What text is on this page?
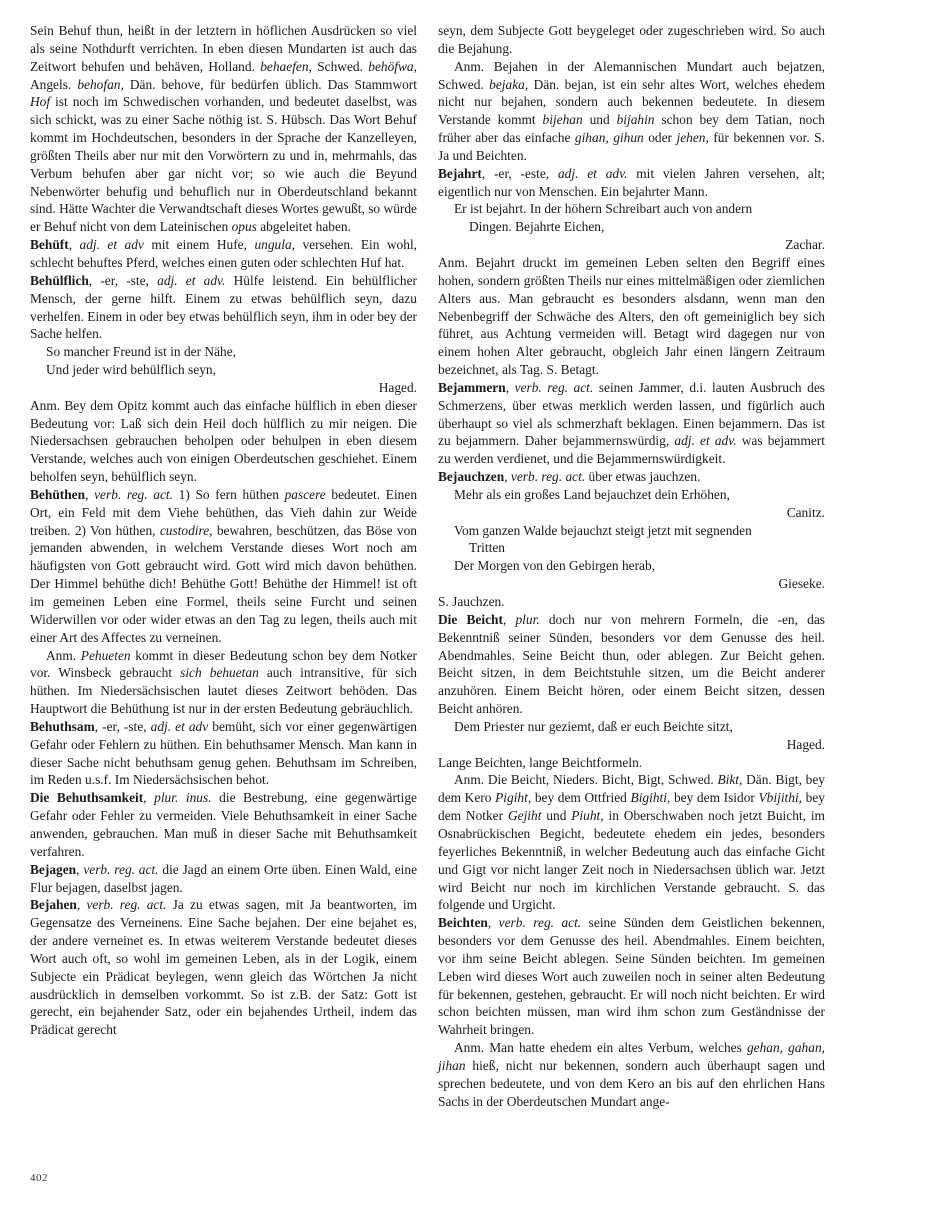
Sein Behuf thun, heißt in der letztern in höflichen Ausdrücken so viel als seine Nothdurft verrichten. In eben diesen Mundarten ist auch das Zeitwort behufen und behäven, Holland. behaefen, Schwed. behöfwa, Angels. behofan, Dän. behove, für bedürfen üblich. Das Stammwort Hof ist noch im Schwedischen vorhanden, und bedeutet daselbst, was sich schickt, was zu einer Sache nöthig ist. S. Hübsch. Das Wort Behuf kommt im Hochdeutschen, besonders in der Sprache der Kanzelleyen, größten Theils aber nur mit den Vorwörtern zu und in, mehrmahls, das Verbum behufen aber gar nicht vor; so wie auch die Beyund Nebenwörter behufig und behuflich nur in Oberdeutschland bekannt sind. Hätte Wachter die Verwandtschaft dieses Wortes gewußt, so würde er Behuf nicht von dem Lateinischen opus abgeleitet haben.

Behüft, adj. et adv mit einem Hufe, ungula, versehen. Ein wohl, schlecht behuftes Pferd, welches einen guten oder schlechten Huf hat.

Behülflich, -er, -ste, adj. et adv. Hülfe leistend. Ein behülflicher Mensch, der gerne hilft. Einem zu etwas behülflich seyn, dazu verhelfen. Einem in oder bey etwas behülflich seyn, ihm in oder bey der Sache helfen.

So mancher Freund ist in der Nähe,
Und jeder wird behülflich seyn,
Haged.

Anm. Bey dem Opitz kommt auch das einfache hülflich in eben dieser Bedeutung vor: Laß sich dein Heil doch hülflich zu mir neigen. Die Niedersachsen gebrauchen beholpen oder behulpen in eben diesem Verstande, welches auch von einigen Oberdeutschen geschiehet. Einem beholfen seyn, behülflich seyn.

Behüthen, verb. reg. act. 1) So fern hüthen pascere bedeutet. Einen Ort, ein Feld mit dem Viehe behüthen, das Vieh dahin zur Weide treiben. 2) Von hüthen, custodire, bewahren, beschützen, das Böse von jemanden abwenden, in welchem Verstande dieses Wort noch am häufigsten von Gott gebraucht wird. Gott wird mich davon behüthen. Der Himmel behüthe dich! Behüthe Gott! Behüthe der Himmel! ist oft im gemeinen Leben eine Formel, theils seine Furcht und seinen Widerwillen vor oder wider etwas an den Tag zu legen, theils auch mit einer Art des Affectes zu verneinen.

Anm. Pehueten kommt in dieser Bedeutung schon bey dem Notker vor. Winsbeck gebraucht sich behuetan auch intransitive, für sich hüthen. Im Niedersächsischen lautet dieses Zeitwort behöden. Das Hauptwort die Behüthung ist nur in der ersten Bedeutung gebräuchlich.

Behuthsam, -er, -ste, adj. et adv bemüht, sich vor einer gegenwärtigen Gefahr oder Fehlern zu hüthen. Ein behuthsamer Mensch. Man kann in dieser Sache nicht behuthsam genug gehen. Behuthsam im Schreiben, im Reden u.s.f. Im Niedersächsischen behot.

Die Behuthsamkeit, plur. inus. die Bestrebung, eine gegenwärtige Gefahr oder Fehler zu vermeiden. Viele Behuthsamkeit in einer Sache anwenden, gebrauchen. Man muß in dieser Sache mit Behuthsamkeit verfahren.

Bejagen, verb. reg. act. die Jagd an einem Orte üben. Einen Wald, eine Flur bejagen, daselbst jagen.

Bejahen, verb. reg. act. Ja zu etwas sagen, mit Ja beantworten, im Gegensatze des Verneinens. Eine Sache bejahen. Der eine bejahet es, der andere verneinet es. In etwas weiterem Verstande bedeutet dieses Wort auch oft, so wohl im gemeinen Leben, als in der Logik, einem Subjecte ein Prädicat beylegen, wenn gleich das Wörtchen Ja nicht ausdrücklich in demselben vorkommt. So ist z.B. der Satz: Gott ist gerecht, ein bejahender Satz, oder ein bejahendes Urtheil, indem das Prädicat gerecht

seyn, dem Subjecte Gott beygeleget oder zugeschrieben wird. So auch die Bejahung.

Anm. Bejahen in der Alemannischen Mundart auch bejatzen, Schwed. bejaka, Dän. bejan, ist ein sehr altes Wort, welches ehedem nicht nur bejahen, sondern auch bekennen bedeutete. In diesem Verstande kommt bijehan und bijahin schon bey dem Tatian, noch früher aber das einfache gihan, gihun oder jehen, für bekennen vor. S. Ja und Beichten.

Bejahrt, -er, -este, adj. et adv. mit vielen Jahren versehen, alt; eigentlich nur von Menschen. Ein bejahrter Mann.

Er ist bejahrt. In der höhern Schreibart auch von andern
Dingen. Bejahrte Eichen,
Zachar.

Anm. Bejahrt druckt im gemeinen Leben selten den Begriff eines hohen, sondern größten Theils nur eines mittelmäßigen oder ziemlichen Alters aus. Man gebraucht es besonders alsdann, wenn man den Nebenbegriff der Schwäche des Alters, den oft gemeiniglich bey sich führet, aus Achtung vermeiden will. Betagt wird dagegen nur von einem hohen Alter gebraucht, obgleich Jahr einen längern Zeitraum bezeichnet, als Tag. S. Betagt.

Bejammern, verb. reg. act. seinen Jammer, d.i. lauten Ausbruch des Schmerzens, über etwas merklich werden lassen, und figürlich auch überhaupt so viel als schmerzhaft beklagen. Einen bejammern. Das ist zu bejammern. Daher bejammernswürdig, adj. et adv. was bejammert zu werden verdienet, und die Bejammernswürdigkeit.

Bejauchzen, verb. reg. act. über etwas jauchzen.

Mehr als ein großes Land bejauchzet dein Erhöhen,
Canitz.
Vom ganzen Walde bejauchzt steigt jetzt mit segnenden
Tritten
Der Morgen von den Gebirgen herab,
Gieseke.

S. Jauchzen.

Die Beicht, plur. doch nur von mehrern Formeln, die -en, das Bekenntniß seiner Sünden, besonders vor dem Genusse des heil. Abendmahles. Seine Beicht thun, oder ablegen. Zur Beicht gehen. Beicht sitzen, in dem Beichtstuhle sitzen, um die Beicht anderer anzuhören. Einem Beicht hören, oder einem Beicht sitzen, dessen Beicht anhören.

Dem Priester nur geziemt, daß er euch Beichte sitzt,
Haged.

Lange Beichten, lange Beichtformeln.

Anm. Die Beicht, Nieders. Bicht, Bigt, Schwed. Bikt, Dän. Bigt, bey dem Kero Pigiht, bey dem Ottfried Bigihti, bey dem Isidor Vbijithi, bey dem Notker Gejiht und Piuht, in Oberschwaben noch jetzt Buicht, im Osnabrückischen Begicht, bedeutete ehedem ein jedes, besonders feyerliches Bekenntniß, in welcher Bedeutung auch das einfache Gicht und Gigt vor nicht langer Zeit noch in Niedersachsen üblich war. Jetzt wird Beicht nur noch im kirchlichen Verstande gebraucht. S. das folgende und Urgicht.

Beichten, verb. reg. act. seine Sünden dem Geistlichen bekennen, besonders vor dem Genusse des heil. Abendmahles. Einem beichten, vor ihm seine Beicht ablegen. Seine Sünden beichten. Im gemeinen Leben wird dieses Wort auch zuweilen noch in seiner alten Bedeutung für bekennen, gestehen, gebraucht. Er will noch nicht beichten. Er wird schon beichten müssen, man wird ihm schon zum Geständnisse der Wahrheit bringen.

Anm. Man hatte ehedem ein altes Verbum, welches gehan, gahan, jihan hieß, nicht nur bekennen, sondern auch überhaupt sagen und sprechen bedeutete, und von dem Kero an bis auf den ehrlichen Hans Sachs in der Oberdeutschen Mundart ange-

402
